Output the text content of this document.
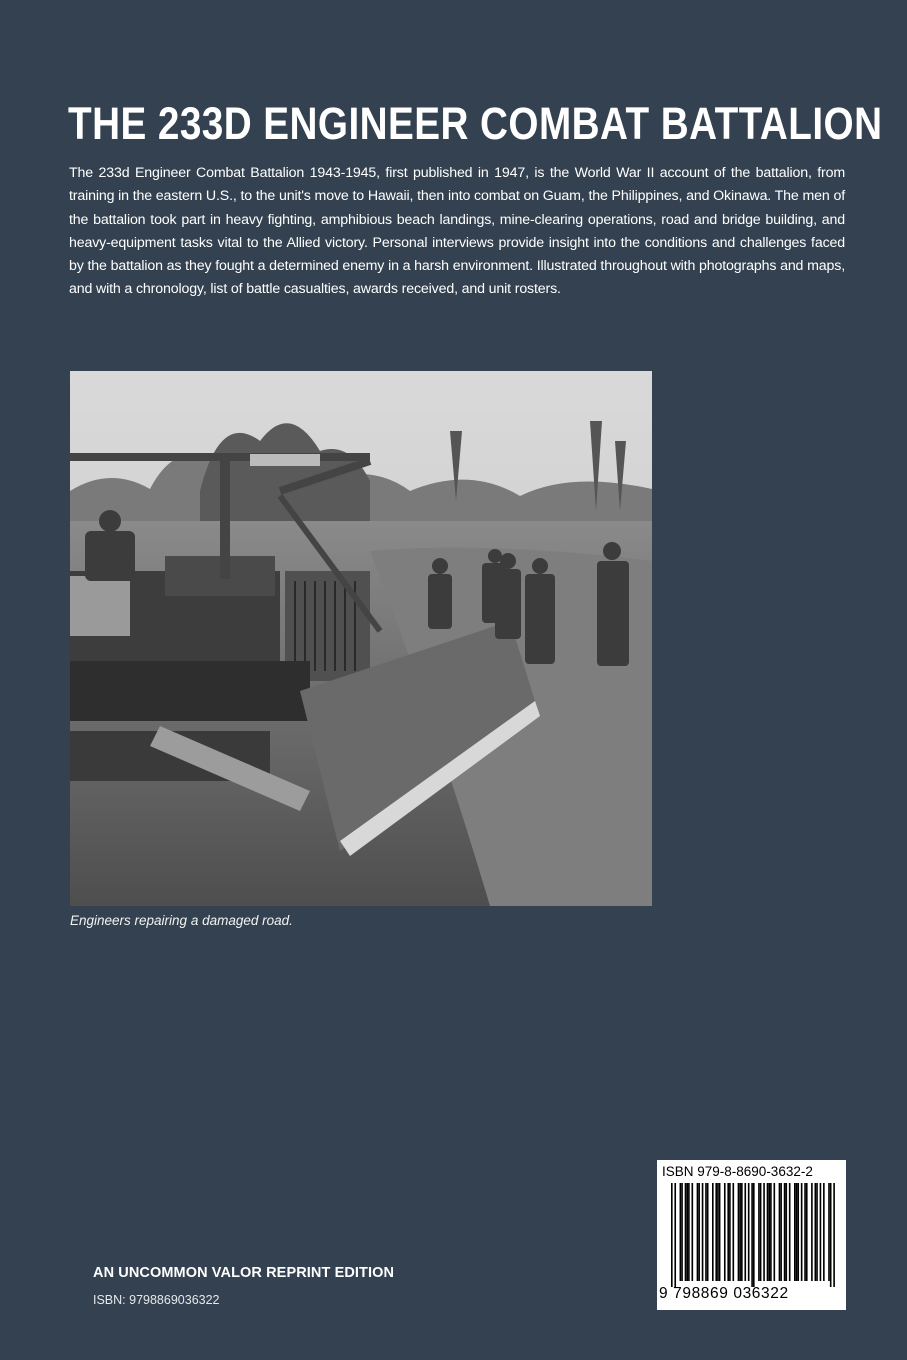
THE 233D ENGINEER COMBAT BATTALION
The 233d Engineer Combat Battalion 1943-1945, first published in 1947, is the World War II account of the battalion, from training in the eastern U.S., to the unit's move to Hawaii, then into combat on Guam, the Philippines, and Okinawa. The men of the battalion took part in heavy fighting, amphibious beach landings, mine-clearing operations, road and bridge building, and heavy-equipment tasks vital to the Allied victory. Personal interviews provide insight into the conditions and challenges faced by the battalion as they fought a determined enemy in a harsh environment. Illustrated throughout with photographs and maps, and with a chronology, list of battle casualties, awards received, and unit rosters.
Engineers repairing a damaged road.
AN UNCOMMON VALOR REPRINT EDITION
ISBN: 9798869036322
ISBN 979-8-8690-3632-2
9 798869 036322
